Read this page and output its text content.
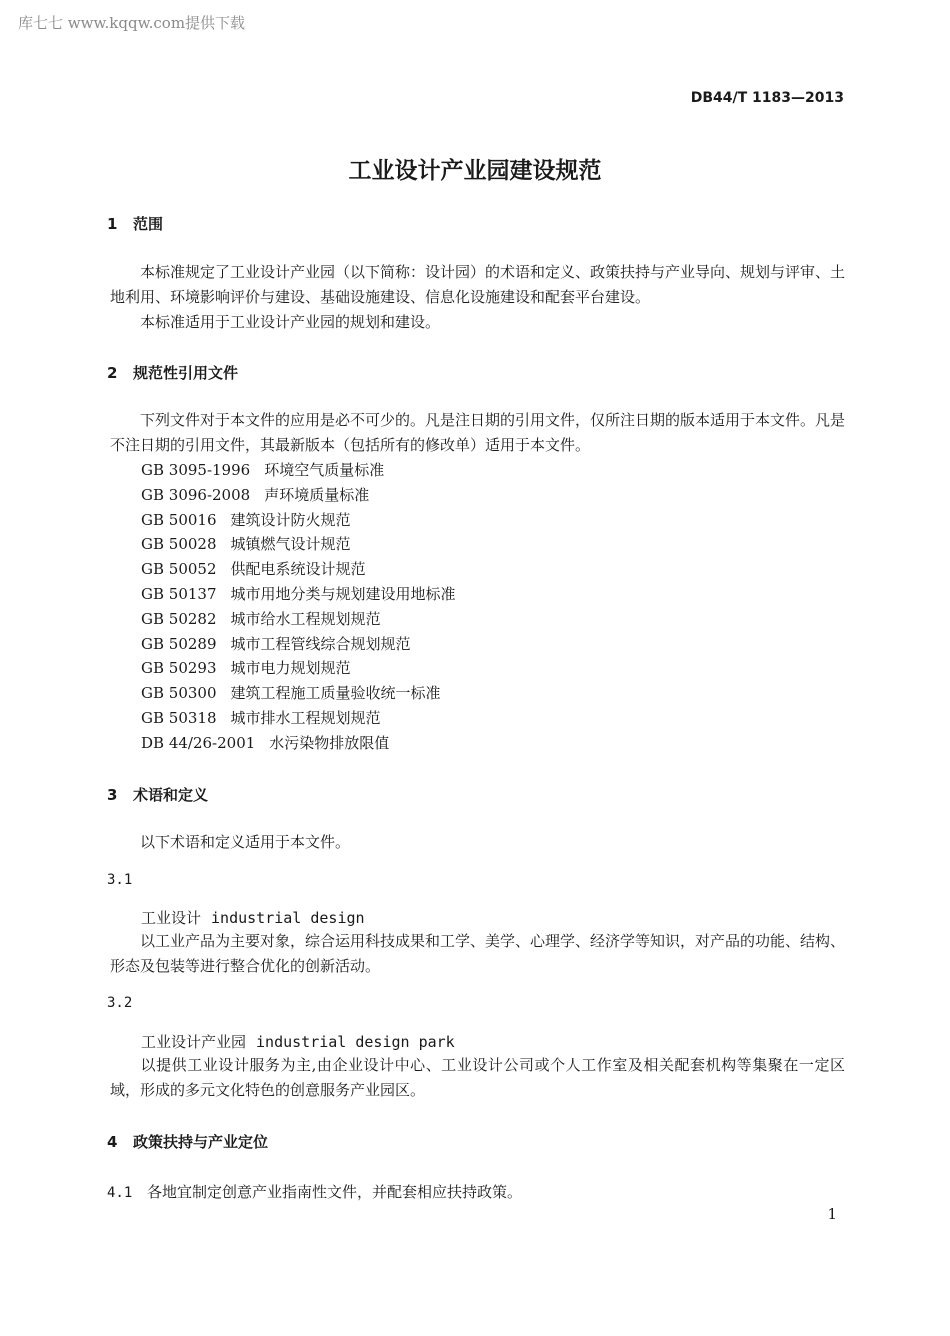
库七七 www.kqqw.com提供下载
DB44/T 1183—2013
工业设计产业园建设规范
1 范围
本标准规定了工业设计产业园（以下简称：设计园）的术语和定义、政策扶持与产业导向、规划与评审、土地利用、环境影响评价与建设、基础设施建设、信息化设施建设和配套平台建设。
本标准适用于工业设计产业园的规划和建设。
2 规范性引用文件
下列文件对于本文件的应用是必不可少的。凡是注日期的引用文件，仅所注日期的版本适用于本文件。凡是不注日期的引用文件，其最新版本（包括所有的修改单）适用于本文件。
GB 3095-1996 环境空气质量标准
GB 3096-2008 声环境质量标准
GB 50016 建筑设计防火规范
GB 50028 城镇燃气设计规范
GB 50052 供配电系统设计规范
GB 50137 城市用地分类与规划建设用地标准
GB 50282 城市给水工程规划规范
GB 50289 城市工程管线综合规划规范
GB 50293 城市电力规划规范
GB 50300 建筑工程施工质量验收统一标准
GB 50318 城市排水工程规划规范
DB 44/26-2001 水污染物排放限值
3 术语和定义
以下术语和定义适用于本文件。
3.1
工业设计 industrial design
以工业产品为主要对象，综合运用科技成果和工学、美学、心理学、经济学等知识，对产品的功能、结构、形态及包装等进行整合优化的创新活动。
3.2
工业设计产业园 industrial design park
以提供工业设计服务为主,由企业设计中心、工业设计公司或个人工作室及相关配套机构等集聚在一定区域，形成的多元文化特色的创意服务产业园区。
4 政策扶持与产业定位
4.1 各地宜制定创意产业指南性文件，并配套相应扶持政策。
1
